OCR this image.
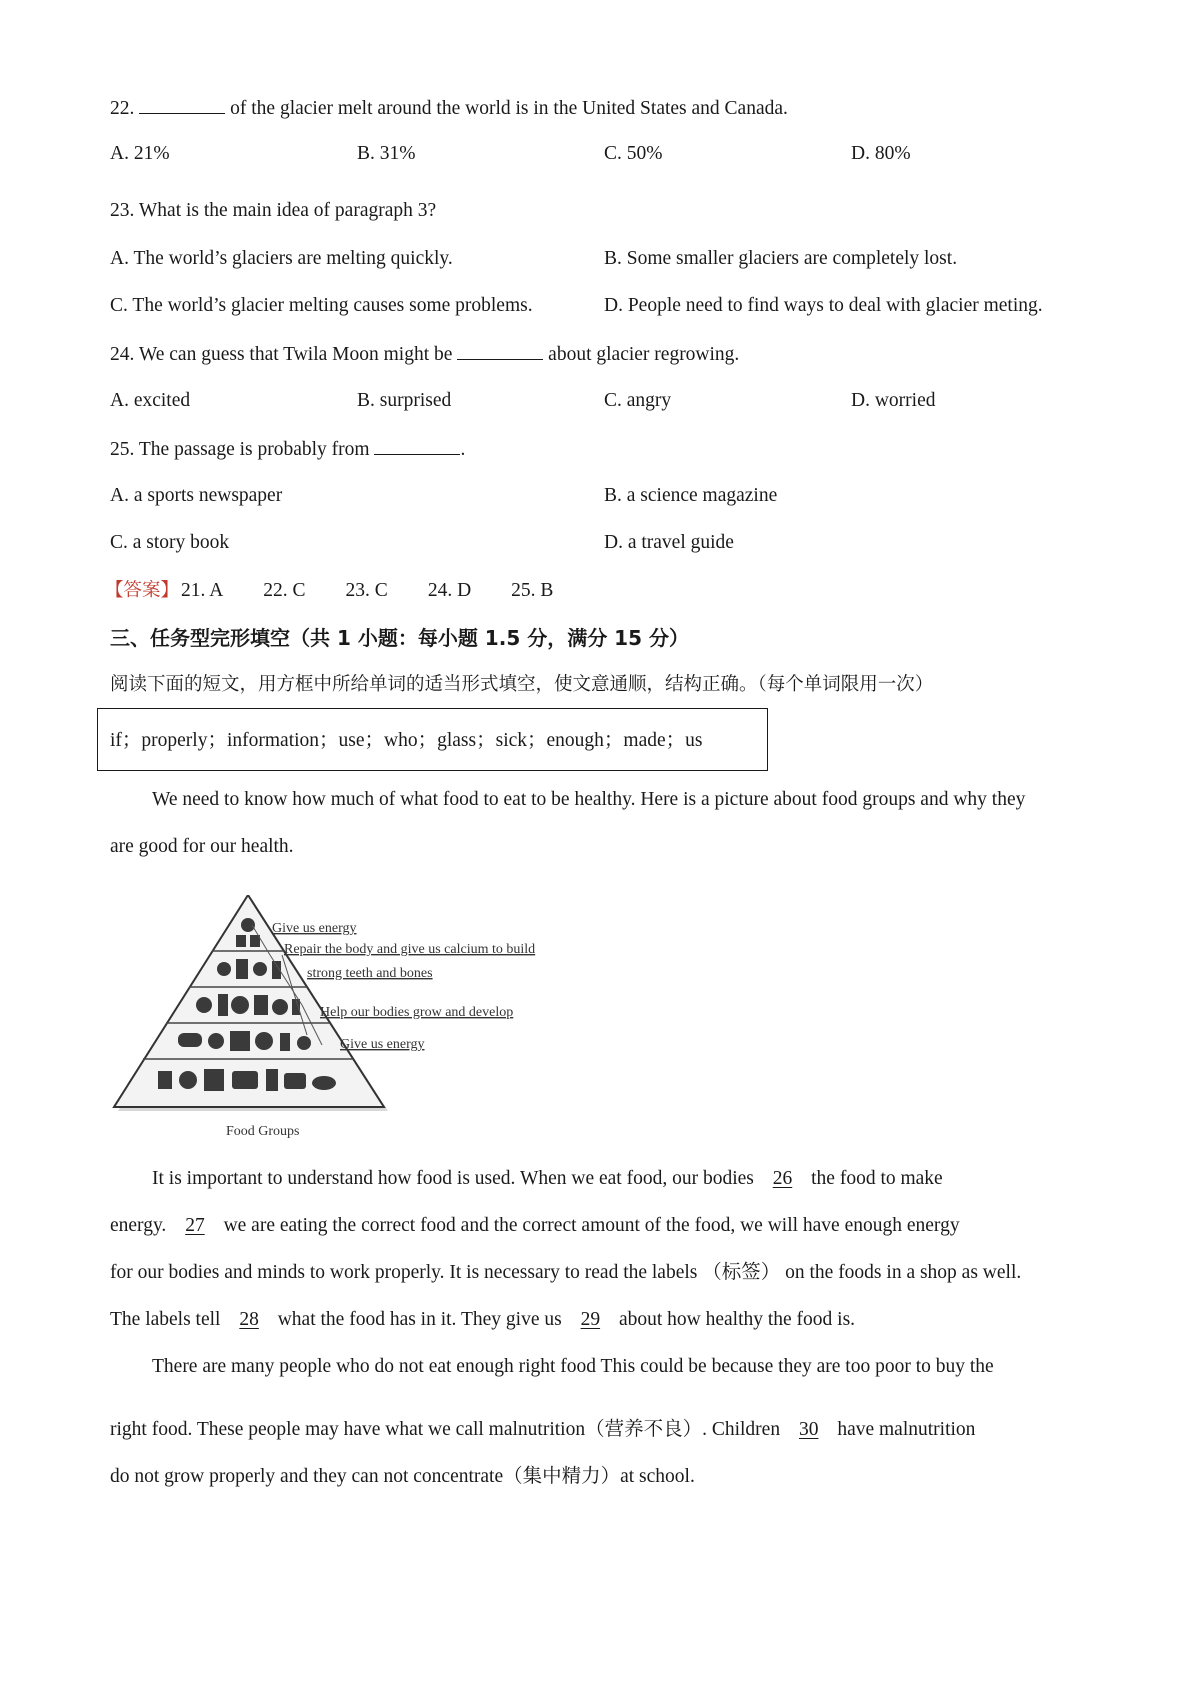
22.	of the glacier melt around the world is in the United States and Canada.
A. 21%	B. 31%	C. 50%	D. 80%
23. What is the main idea of paragraph 3?
A. The world’s glaciers are melting quickly.	B. Some smaller glaciers are completely lost.
C. The world’s glacier melting causes some problems.	D. People need to find ways to deal with glacier meting.
24. We can guess that Twila Moon might be	about glacier regrowing.
A. excited	B. surprised	C. angry	D. worried
25. The passage is probably from	.
A. a sports newspaper	B. a science magazine
C. a story book	D. a travel guide
【答案】 21. A 22. C 23. C 24. D 25. B
三、任务型完形填空（共 1 小题：每小题 1.5 分，满分 15 分）
阅读下面的短文，用方框中所给单词的适当形式填空，使文意通顺，结构正确。（每个单词限用一次）
if；properly；information；use；who；glass；sick；enough；made；us
We need to know how much of what food to eat to be healthy. Here is a picture about food groups and why they
are good for our health.
Give us energy
Repair the body and give us calcium to build
strong teeth and bones
Help our bodies grow and develop
Give us energy
Food Groups
It is important to understand how food is used. When we eat food, our bodies 26 the food to make
energy. 27 we are eating the correct food and the correct amount of the food, we will have enough energy
for our bodies and minds to work properly. It is necessary to read the labels （标签） on the foods in a shop as well.
The labels tell 28 what the food has in it. They give us 29 about how healthy the food is.
There are many people who do not eat enough right food This could be because they are too poor to buy the
right food. These people may have what we call malnutrition（营养不良）. Children 30 have malnutrition
do not grow properly and they can not concentrate（集中精力）at school.
